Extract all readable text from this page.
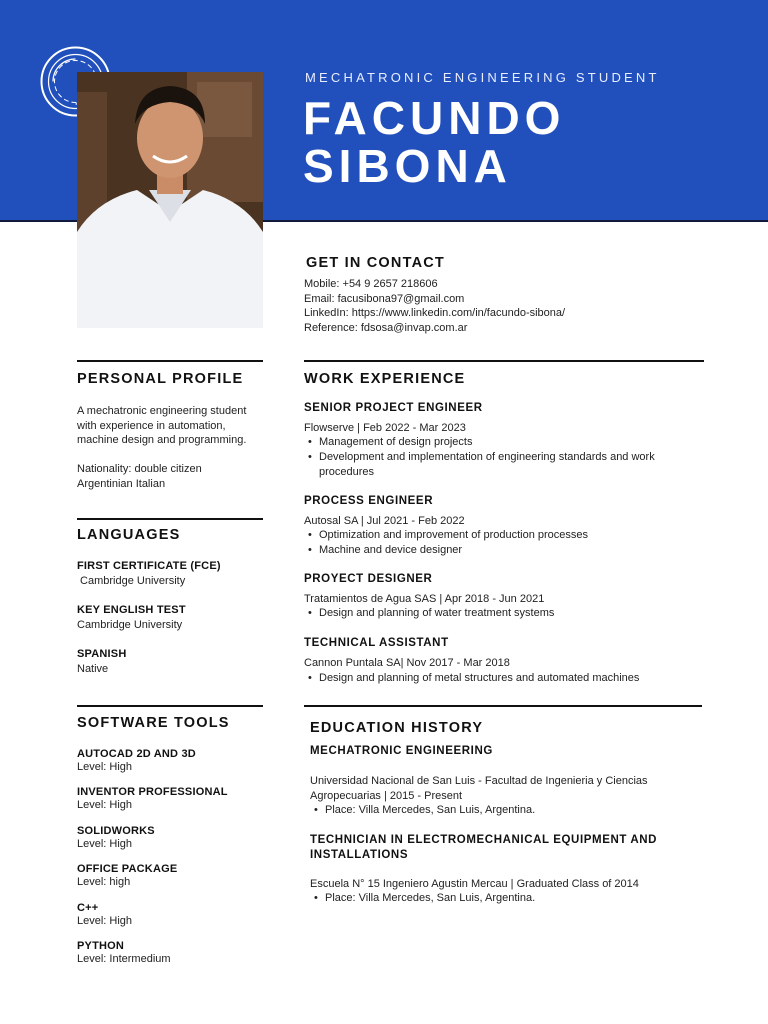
MECHATRONIC ENGINEERING STUDENT
FACUNDO
SIBONA
GET IN CONTACT
Mobile: +54 9 2657 218606
Email: facusibona97@gmail.com
LinkedIn: https://www.linkedin.com/in/facundo-sibona/
Reference: fdsosa@invap.com.ar
PERSONAL PROFILE
A mechatronic engineering student
with experience in automation,
machine design and programming.
Nationality: double citizen
Argentinian Italian
LANGUAGES
FIRST CERTIFICATE (FCE)
Cambridge University
KEY ENGLISH TEST
Cambridge University
SPANISH
Native
SOFTWARE TOOLS
AUTOCAD 2D AND 3D
Level: High
INVENTOR PROFESSIONAL
Level: High
SOLIDWORKS
Level: High
OFFICE PACKAGE
Level: high
C++
Level: High
PYTHON
Level: Intermedium
WORK EXPERIENCE
SENIOR PROJECT ENGINEER
Flowserve | Feb 2022 - Mar 2023
• Management of design projects
• Development and implementation of engineering standards and work
procedures
PROCESS ENGINEER
Autosal SA | Jul 2021 - Feb 2022
• Optimization and improvement of production processes
• Machine and device designer
PROYECT DESIGNER
Tratamientos de Agua SAS | Apr 2018 - Jun 2021
• Design and planning of water treatment systems
TECHNICAL ASSISTANT
Cannon Puntala SA| Nov 2017 - Mar 2018
• Design and planning of metal structures and automated machines
EDUCATION HISTORY
MECHATRONIC ENGINEERING
Universidad Nacional de San Luis - Facultad de Ingenieria y Ciencias
Agropecuarias | 2015 - Present
• Place: Villa Mercedes, San Luis, Argentina.
TECHNICIAN IN ELECTROMECHANICAL EQUIPMENT AND
INSTALLATIONS
Escuela N° 15 Ingeniero Agustin Mercau | Graduated Class of 2014
• Place: Villa Mercedes, San Luis, Argentina.
